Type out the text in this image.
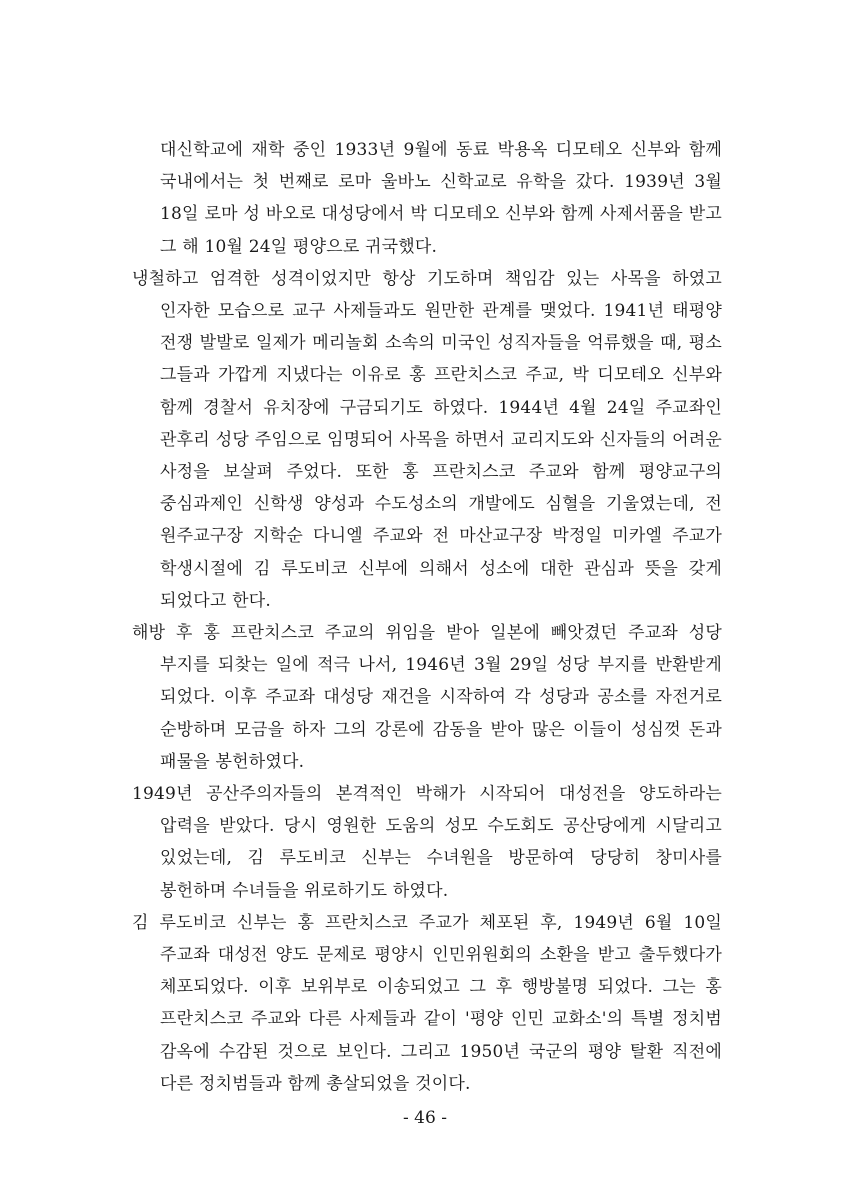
대신학교에 재학 중인 1933년 9월에 동료 박용옥 디모테오 신부와 함께 국내에서는 첫 번째로 로마 울바노 신학교로 유학을 갔다. 1939년 3월 18일 로마 성 바오로 대성당에서 박 디모테오 신부와 함께 사제서품을 받고 그 해 10월 24일 평양으로 귀국했다.

냉철하고 엄격한 성격이었지만 항상 기도하며 책임감 있는 사목을 하였고 인자한 모습으로 교구 사제들과도 원만한 관계를 맺었다. 1941년 태평양 전쟁 발발로 일제가 메리놀회 소속의 미국인 성직자들을 억류했을 때, 평소 그들과 가깝게 지냈다는 이유로 홍 프란치스코 주교, 박 디모테오 신부와 함께 경찰서 유치장에 구금되기도 하였다. 1944년 4월 24일 주교좌인 관후리 성당 주임으로 임명되어 사목을 하면서 교리지도와 신자들의 어려운 사정을 보살펴 주었다. 또한 홍 프란치스코 주교와 함께 평양교구의 중심과제인 신학생 양성과 수도성소의 개발에도 심혈을 기울였는데, 전 원주교구장 지학순 다니엘 주교와 전 마산교구장 박정일 미카엘 주교가 학생시절에 김 루도비코 신부에 의해서 성소에 대한 관심과 뜻을 갖게 되었다고 한다.

해방 후 홍 프란치스코 주교의 위임을 받아 일본에 빼앗겼던 주교좌 성당 부지를 되찾는 일에 적극 나서, 1946년 3월 29일 성당 부지를 반환받게 되었다. 이후 주교좌 대성당 재건을 시작하여 각 성당과 공소를 자전거로 순방하며 모금을 하자 그의 강론에 감동을 받아 많은 이들이 성심껏 돈과 패물을 봉헌하였다.

1949년 공산주의자들의 본격적인 박해가 시작되어 대성전을 양도하라는 압력을 받았다. 당시 영원한 도움의 성모 수도회도 공산당에게 시달리고 있었는데, 김 루도비코 신부는 수녀원을 방문하여 당당히 창미사를 봉헌하며 수녀들을 위로하기도 하였다.

김 루도비코 신부는 홍 프란치스코 주교가 체포된 후, 1949년 6월 10일 주교좌 대성전 양도 문제로 평양시 인민위원회의 소환을 받고 출두했다가 체포되었다. 이후 보위부로 이송되었고 그 후 행방불명 되었다. 그는 홍 프란치스코 주교와 다른 사제들과 같이 '평양 인민 교화소'의 특별 정치범 감옥에 수감된 것으로 보인다. 그리고 1950년 국군의 평양 탈환 직전에 다른 정치범들과 함께 총살되었을 것이다.

- 46 -
